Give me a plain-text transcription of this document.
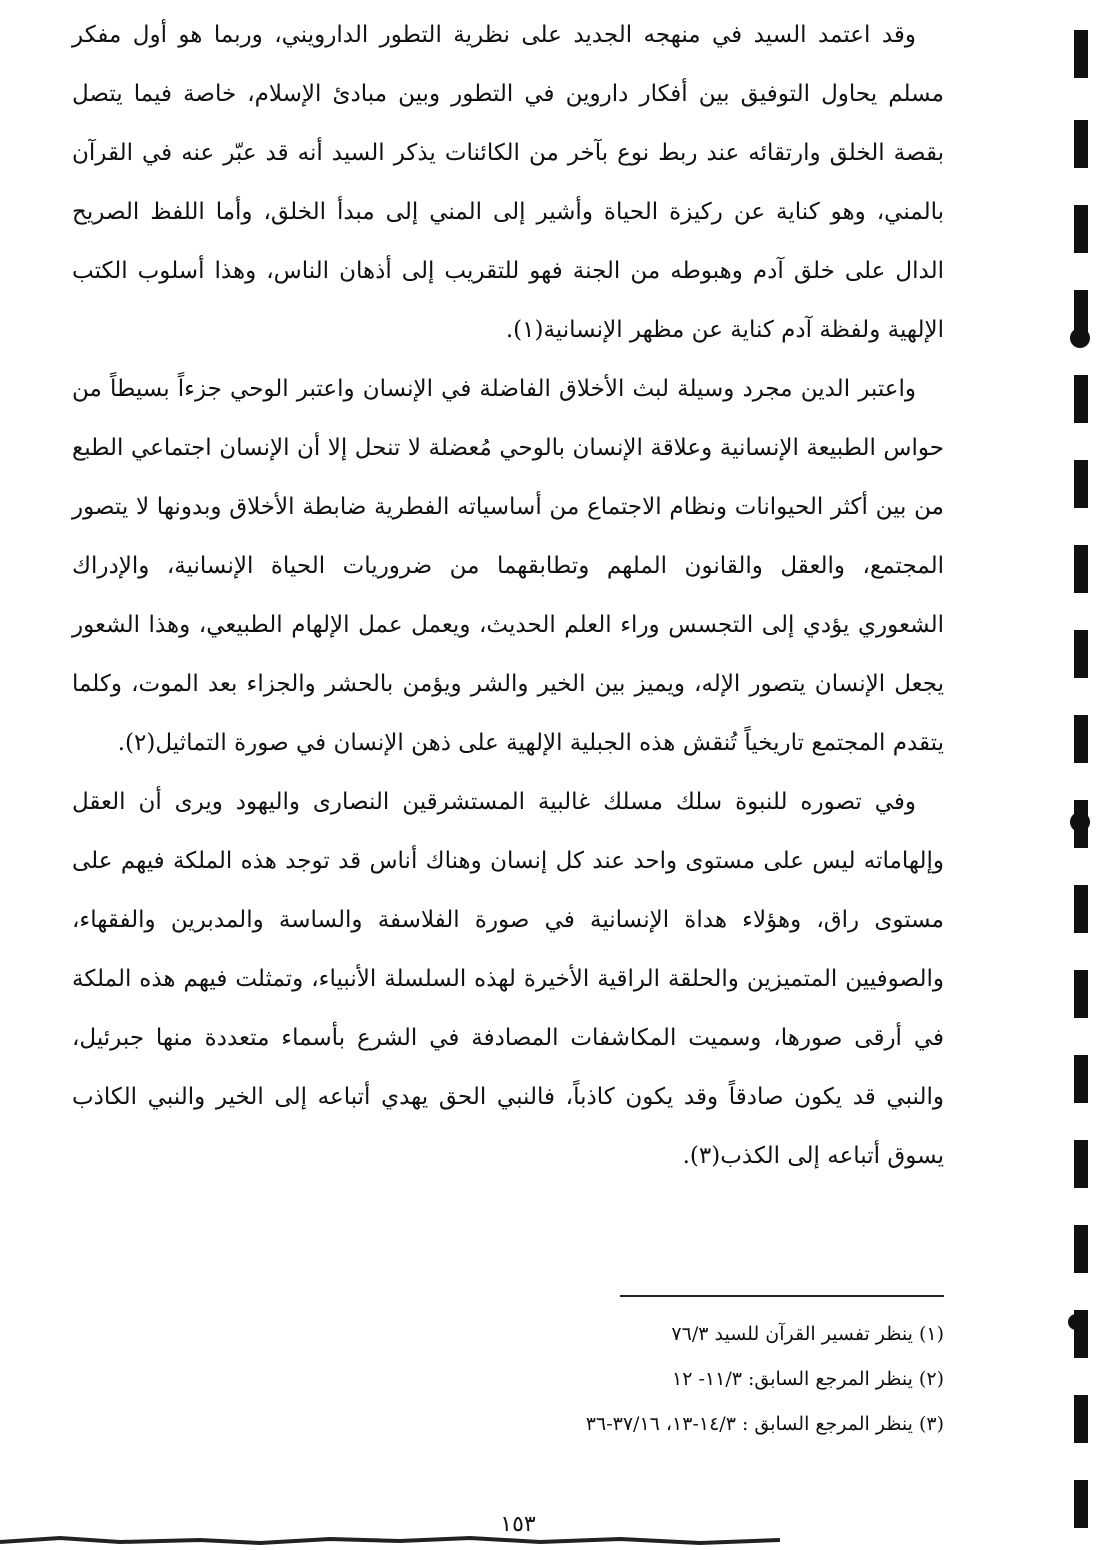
وقد اعتمد السيد في منهجه الجديد على نظرية التطور الدارويني، وربما هو أول مفكر مسلم يحاول التوفيق بين أفكار داروين في التطور وبين مبادئ الإسلام، خاصة فيما يتصل بقصة الخلق وارتقائه عند ربط نوع بآخر من الكائنات يذكر السيد أنه قد عبّر عنه في القرآن بالمني، وهو كناية عن ركيزة الحياة وأشير إلى المني إلى مبدأ الخلق، وأما اللفظ الصريح الدال على خلق آدم وهبوطه من الجنة فهو للتقريب إلى أذهان الناس، وهذا أسلوب الكتب الإلهية ولفظة آدم كناية عن مظهر الإنسانية(١).

واعتبر الدين مجرد وسيلة لبث الأخلاق الفاضلة في الإنسان واعتبر الوحي جزءاً بسيطاً من حواس الطبيعة الإنسانية وعلاقة الإنسان بالوحي مُعضلة لا تنحل إلا أن الإنسان اجتماعي الطبع من بين أكثر الحيوانات ونظام الاجتماع من أساسياته الفطرية ضابطة الأخلاق وبدونها لا يتصور المجتمع، والعقل والقانون الملهم وتطابقهما من ضروريات الحياة الإنسانية، والإدراك الشعوري يؤدي إلى التجسس وراء العلم الحديث، ويعمل عمل الإلهام الطبيعي، وهذا الشعور يجعل الإنسان يتصور الإله، ويميز بين الخير والشر ويؤمن بالحشر والجزاء بعد الموت، وكلما يتقدم المجتمع تاريخياً تُنقش هذه الجبلية الإلهية على ذهن الإنسان في صورة التماثيل(٢).

وفي تصوره للنبوة سلك مسلك غالبية المستشرقين النصارى واليهود ويرى أن العقل وإلهاماته ليس على مستوى واحد عند كل إنسان وهناك أناس قد توجد هذه الملكة فيهم على مستوى راق، وهؤلاء هداة الإنسانية في صورة الفلاسفة والساسة والمدبرين والفقهاء، والصوفيين المتميزين والحلقة الراقية الأخيرة لهذه السلسلة الأنبياء، وتمثلت فيهم هذه الملكة في أرقى صورها، وسميت المكاشفات المصادفة في الشرع بأسماء متعددة منها جبرئيل، والنبي قد يكون صادقاً وقد يكون كاذباً، فالنبي الحق يهدي أتباعه إلى الخير والنبي الكاذب يسوق أتباعه إلى الكذب(٣).

(١) ينظر تفسير القرآن للسيد ٧٦/٣
(٢) ينظر المرجع السابق: ١١/٣- ١٢
(٣) ينظر المرجع السابق : ١٤/٣-١٣، ٣٧/١٦-٣٦
١٥٣
